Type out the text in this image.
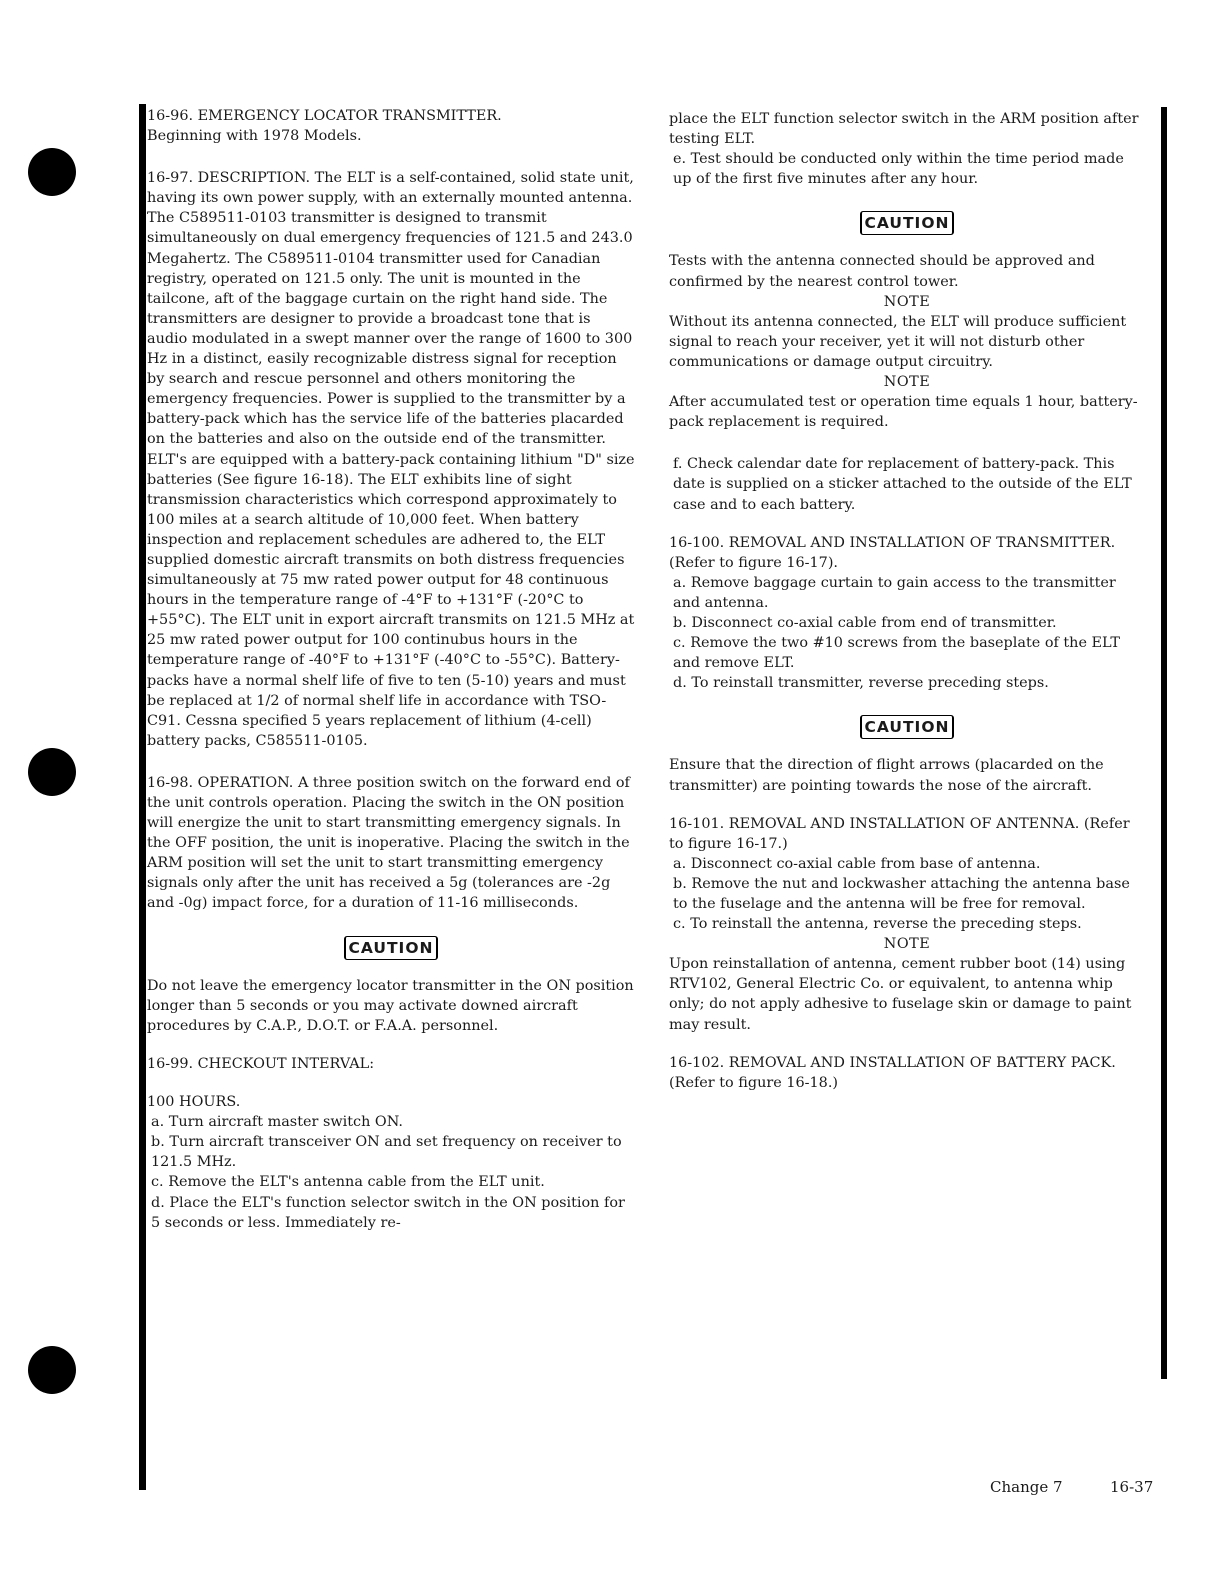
16-96. EMERGENCY LOCATOR TRANSMITTER.

Beginning with 1978 Models.

16-97. DESCRIPTION. The ELT is a self-contained, solid state unit, having its own power supply, with an externally mounted antenna. The C589511-0103 transmitter is designed to transmit simultaneously on dual emergency frequencies of 121.5 and 243.0 Megahertz. The C589511-0104 transmitter used for Canadian registry, operated on 121.5 only. The unit is mounted in the tailcone, aft of the baggage curtain on the right hand side. The transmitters are designer to provide a broadcast tone that is audio modulated in a swept manner over the range of 1600 to 300 Hz in a distinct, easily recognizable distress signal for reception by search and rescue personnel and others monitoring the emergency frequencies. Power is supplied to the transmitter by a battery-pack which has the service life of the batteries placarded on the batteries and also on the outside end of the transmitter. ELT's are equipped with a battery-pack containing lithium "D" size batteries (See figure 16-18). The ELT exhibits line of sight transmission characteristics which correspond approximately to 100 miles at a search altitude of 10,000 feet. When battery inspection and replacement schedules are adhered to, the ELT supplied domestic aircraft transmits on both distress frequencies simultaneously at 75 mw rated power output for 48 continuous hours in the temperature range of -4°F to +131°F (-20°C to +55°C). The ELT unit in export aircraft transmits on 121.5 MHz at 25 mw rated power output for 100 continubus hours in the temperature range of -40°F to +131°F (-40°C to -55°C). Battery-packs have a normal shelf life of five to ten (5-10) years and must be replaced at 1/2 of normal shelf life in accordance with TSO-C91. Cessna specified 5 years replacement of lithium (4-cell) battery packs, C585511-0105.

16-98. OPERATION. A three position switch on the forward end of the unit controls operation. Placing the switch in the ON position will energize the unit to start transmitting emergency signals. In the OFF position, the unit is inoperative. Placing the switch in the ARM position will set the unit to start transmitting emergency signals only after the unit has received a 5g (tolerances are -2g and -0g) impact force, for a duration of 11-16 milliseconds.

CAUTION

Do not leave the emergency locator transmitter in the ON position longer than 5 seconds or you may activate downed aircraft procedures by C.A.P., D.O.T. or F.A.A. personnel.

16-99. CHECKOUT INTERVAL:

100 HOURS.

a. Turn aircraft master switch ON.

b. Turn aircraft transceiver ON and set frequency on receiver to 121.5 MHz.

c. Remove the ELT's antenna cable from the ELT unit.

d. Place the ELT's function selector switch in the ON position for 5 seconds or less. Immediately re-

place the ELT function selector switch in the ARM position after testing ELT.

e. Test should be conducted only within the time period made up of the first five minutes after any hour.

CAUTION

Tests with the antenna connected should be approved and confirmed by the nearest control tower.

NOTE

Without its antenna connected, the ELT will produce sufficient signal to reach your receiver, yet it will not disturb other communications or damage output circuitry.

NOTE

After accumulated test or operation time equals 1 hour, battery-pack replacement is required.

f. Check calendar date for replacement of battery-pack. This date is supplied on a sticker attached to the outside of the ELT case and to each battery.

16-100. REMOVAL AND INSTALLATION OF TRANSMITTER. (Refer to figure 16-17).

a. Remove baggage curtain to gain access to the transmitter and antenna.

b. Disconnect co-axial cable from end of transmitter.

c. Remove the two #10 screws from the baseplate of the ELT and remove ELT.

d. To reinstall transmitter, reverse preceding steps.

CAUTION

Ensure that the direction of flight arrows (placarded on the transmitter) are pointing towards the nose of the aircraft.

16-101. REMOVAL AND INSTALLATION OF ANTENNA. (Refer to figure 16-17.)

a. Disconnect co-axial cable from base of antenna.

b. Remove the nut and lockwasher attaching the antenna base to the fuselage and the antenna will be free for removal.

c. To reinstall the antenna, reverse the preceding steps.

NOTE

Upon reinstallation of antenna, cement rubber boot (14) using RTV102, General Electric Co. or equivalent, to antenna whip only; do not apply adhesive to fuselage skin or damage to paint may result.

16-102. REMOVAL AND INSTALLATION OF BATTERY PACK. (Refer to figure 16-18.)

Change 7	16-37
